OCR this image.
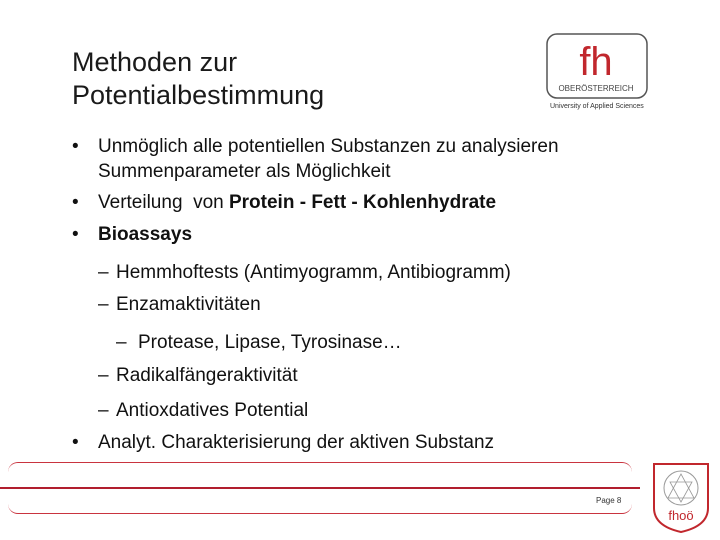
Methoden zur
Potentialbestimmung
fh
OBERÖSTERREICH
University of Applied Sciences
• Unmöglich alle potentiellen Substanzen zu analysieren
Summenparameter als Möglichkeit
• Verteilung  von Protein - Fett - Kohlenhydrate
• Bioassays
– Hemmhoftests (Antimyogramm, Antibiogramm)
– Enzamaktivitäten
– Protease, Lipase, Tyrosinase…
– Radikalfängeraktivität
– Antioxdatives Potential
• Analyt. Charakterisierung der aktiven Substanz
Page 8
fhoö
